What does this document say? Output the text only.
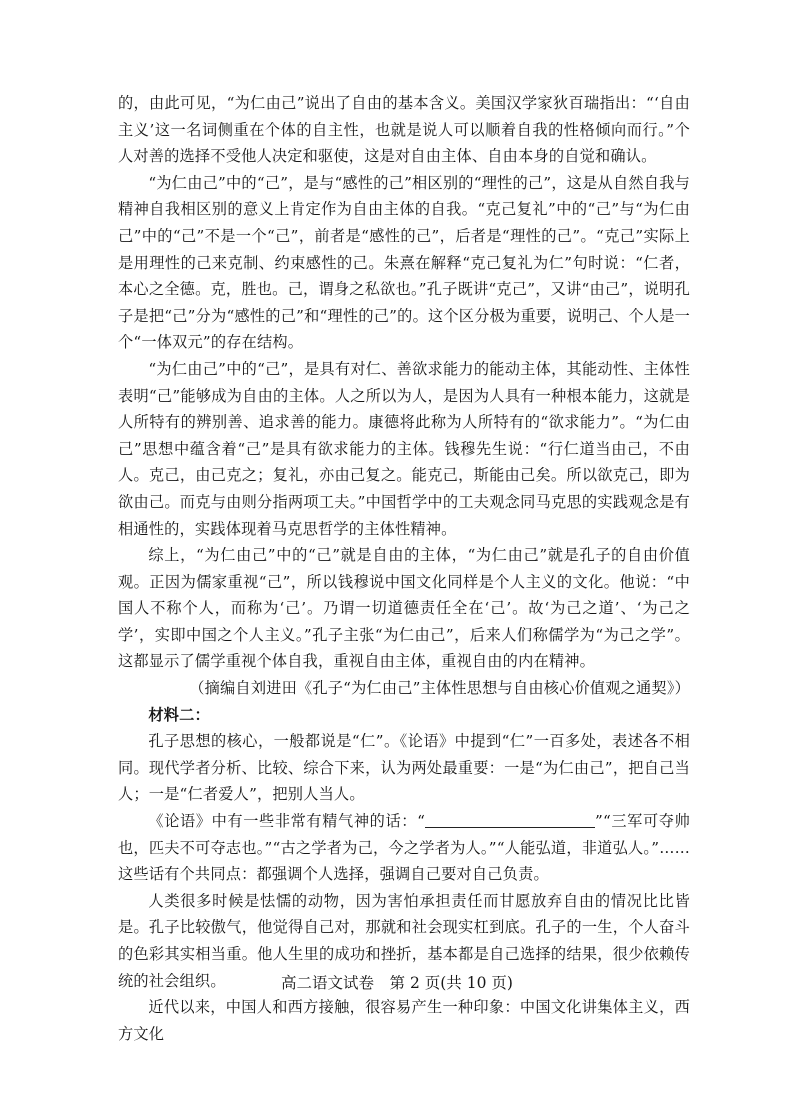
的，由此可见，“为仁由己”说出了自由的基本含义。美国汉学家狄百瑞指出：“‘自由主义’这一名词侧重在个体的自主性，也就是说人可以顺着自我的性格倾向而行。”个人对善的选择不受他人决定和驱使，这是对自由主体、自由本身的自觉和确认。

“为仁由己”中的“己”，是与“感性的己”相区别的“理性的己”，这是从自然自我与精神自我相区别的意义上肯定作为自由主体的自我。“克己复礼”中的“己”与“为仁由己”中的“己”不是一个“己”，前者是“感性的己”，后者是“理性的己”。“克己”实际上是用理性的己来克制、约束感性的己。朱熹在解释“克己复礼为仁”句时说：“仁者，本心之全德。克，胜也。己，谓身之私欲也。”孔子既讲“克己”，又讲“由己”，说明孔子是把“己”分为“感性的己”和“理性的己”的。这个区分极为重要，说明己、个人是一个“一体双元”的存在结构。

“为仁由己”中的“己”，是具有对仁、善欲求能力的能动主体，其能动性、主体性表明“己”能够成为自由的主体。人之所以为人，是因为人具有一种根本能力，这就是人所特有的辨别善、追求善的能力。康德将此称为人所特有的“欲求能力”。“为仁由己”思想中蕴含着“己”是具有欲求能力的主体。钱穆先生说：“行仁道当由己，不由人。克己，由己克之；复礼，亦由己复之。能克己，斯能由己矣。所以欲克己，即为欲由己。而克与由则分指两项工夫。”中国哲学中的工夫观念同马克思的实践观念是有相通性的，实践体现着马克思哲学的主体性精神。

综上，“为仁由己”中的“己”就是自由的主体，“为仁由己”就是孔子的自由价值观。正因为儒家重视“己”，所以钱穆说中国文化同样是个人主义的文化。他说：“中国人不称个人，而称为‘己’。乃谓一切道德责任全在‘己’。故‘为己之道’、‘为己之学’，实即中国之个人主义。”孔子主张“为仁由己”，后来人们称儒学为“为己之学”。这都显示了儒学重视个体自我，重视自由主体，重视自由的内在精神。

（摘编自刘进田《孔子“为仁由己”主体性思想与自由核心价值观之通契》）

材料二：

孔子思想的核心，一般都说是“仁”。《论语》中提到“仁”一百多处，表述各不相同。现代学者分析、比较、综合下来，认为两处最重要：一是“为仁由己”，把自己当人；一是“仁者爱人”，把别人当人。

《论语》中有一些非常有精气神的话：“	”“三军可夺帅也，匹夫不可夺志也。”“古之学者为己，今之学者为人。”“人能弘道，非道弘人。”……这些话有个共同点：都强调个人选择，强调自己要对自己负责。

人类很多时候是怯懦的动物，因为害怕承担责任而甘愿放弃自由的情况比比皆是。孔子比较傲气，他觉得自己对，那就和社会现实杠到底。孔子的一生，个人奋斗的色彩其实相当重。他人生里的成功和挫折，基本都是自己选择的结果，很少依赖传统的社会组织。

近代以来，中国人和西方接触，很容易产生一种印象：中国文化讲集体主义，西方文化

高二语文试卷　第 2 页(共 10 页)
